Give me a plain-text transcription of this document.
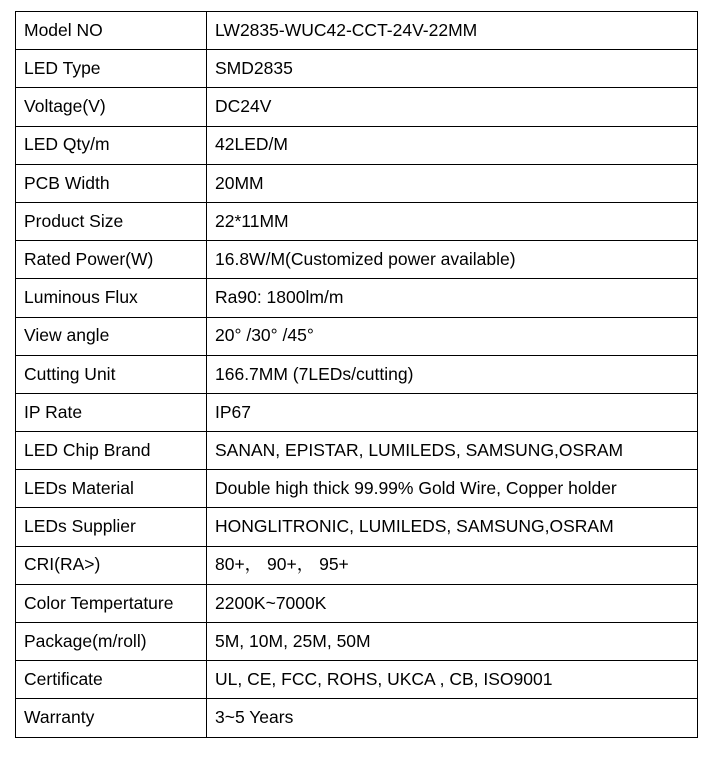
Model NO	LW2835-WUC42-CCT-24V-22MM
LED Type	SMD2835
Voltage(V)	DC24V
LED Qty/m	42LED/M
PCB Width	20MM
Product Size	22*11MM
Rated Power(W)	16.8W/M(Customized power available)
Luminous Flux	Ra90: 1800lm/m
View angle	20° /30° /45°
Cutting Unit	166.7MM (7LEDs/cutting)
IP Rate	IP67
LED Chip Brand	SANAN, EPISTAR, LUMILEDS, SAMSUNG,OSRAM
LEDs Material	Double high thick 99.99% Gold Wire, Copper holder
LEDs Supplier	HONGLITRONIC, LUMILEDS, SAMSUNG,OSRAM
CRI(RA>)	80+， 90+， 95+
Color Tempertature	2200K~7000K
Package(m/roll)	5M, 10M, 25M, 50M
Certificate	UL, CE, FCC, ROHS, UKCA , CB, ISO9001
Warranty	3~5 Years
